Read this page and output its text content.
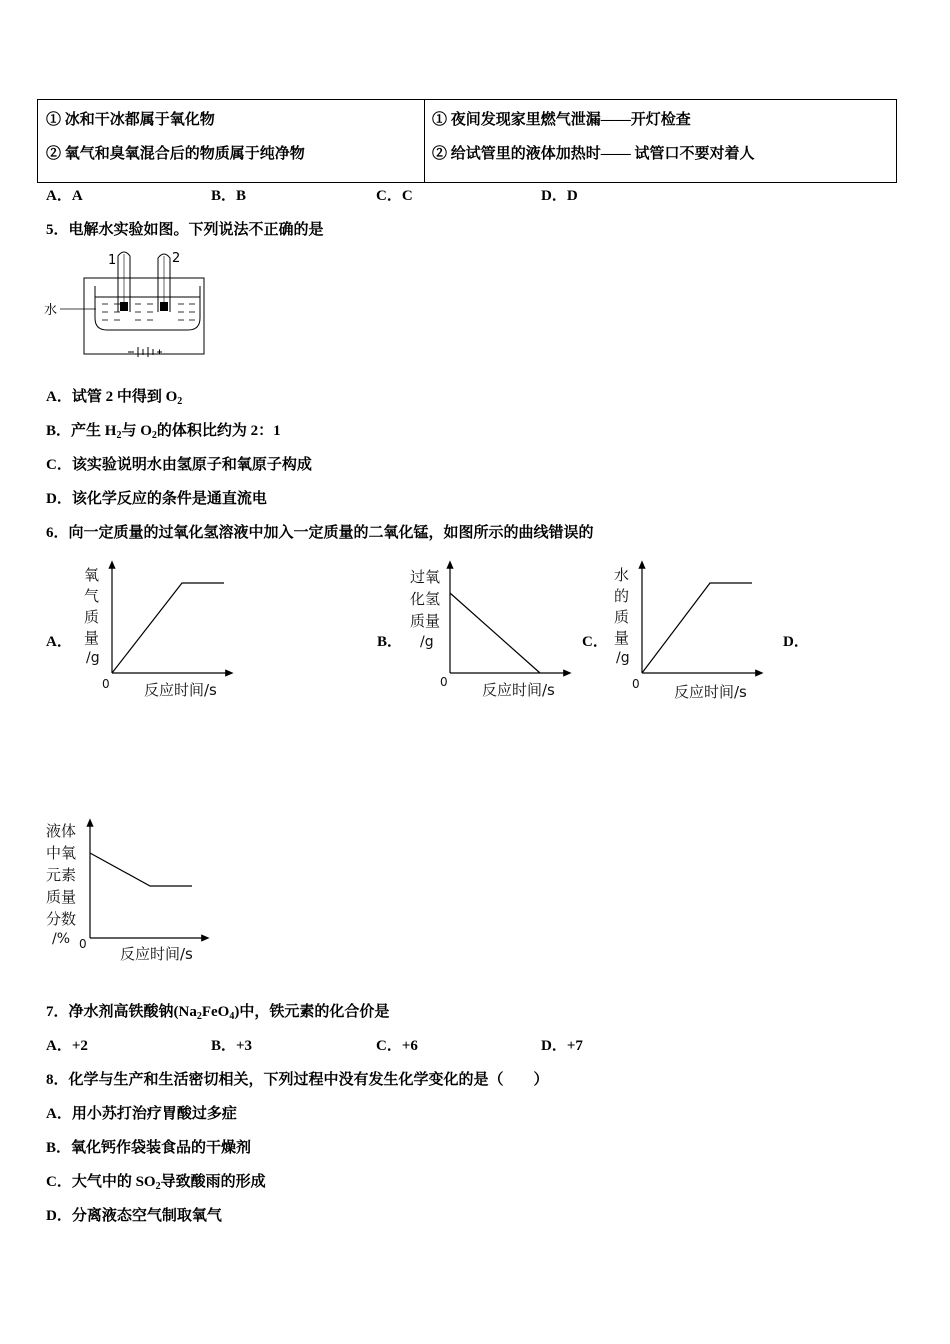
① 冰和干冰都属于氧化物
② 氧气和臭氧混合后的物质属于纯净物
① 夜间发现家里燃气泄漏——开灯检查
② 给试管里的液体加热时—— 试管口不要对着人
A．A	B．B	C．C	D．D
5．电解水实验如图。下列说法不正确的是
1	2
水
A．试管 2 中得到 $O_2$
B．产生 $H_2$与 $O_2$的体积比约为 2：1
C．该实验说明水由氢原子和氧原子构成
D．该化学反应的条件是通直流电
6．向一定质量的过氧化氢溶液中加入一定质量的二氧化锰，如图所示的曲线错误的
A．	B．	C．	D．
氧
气
质
量
/g
0 反应时间/s
过氧
化氢
质量
/g
0 反应时间/s
水
的
质
量
/g
0 反应时间/s
液体
中氧
元素
质量
分数
/% 0
反应时间/s
7．净水剂高铁酸钠$(Na_2FeO_4)$中，铁元素的化合价是
A．+2	B．+3	C．+6	D．+7
8．化学与生产和生活密切相关，下列过程中没有发生化学变化的是（　　）
A．用小苏打治疗胃酸过多症
B．氧化钙作袋装食品的干燥剂
C．大气中的 $SO_2$导致酸雨的形成
D．分离液态空气制取氧气
